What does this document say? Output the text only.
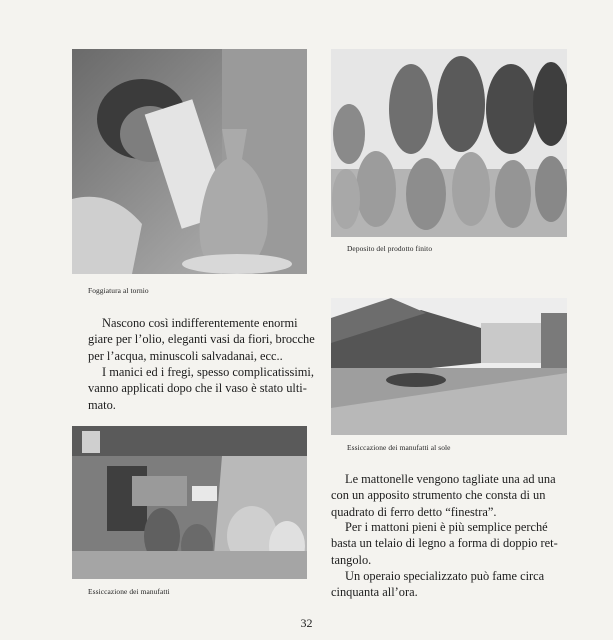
Foggiatura al tornio
Deposito del prodotto finito
Nascono così indifferentemente enormi
giare per l’olio, eleganti vasi da fiori, brocche
per l’acqua, minuscoli salvadanai, ecc..
I manici ed i fregi, spesso complicatissimi,
vanno applicati dopo che il vaso è stato ulti-
mato.
Essiccazione dei manufatti al sole
Essiccazione dei manufatti
Le mattonelle vengono tagliate una ad una
con un apposito strumento che consta di un
quadrato di ferro detto “finestra”.
Per i mattoni pieni è più semplice perché
basta un telaio di legno a forma di doppio ret-
tangolo.
Un operaio specializzato può fame circa
cinquanta all’ora.
32
